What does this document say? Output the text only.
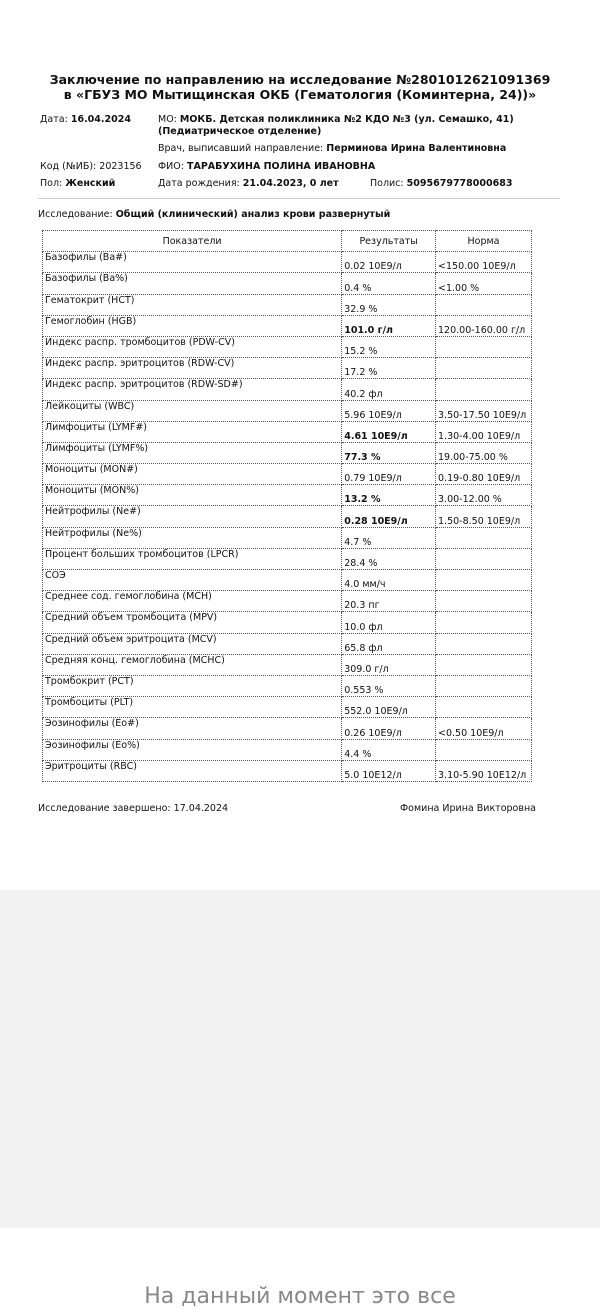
Заключение по направлению на исследование №2801012621091369
в «ГБУЗ МО Мытищинская ОКБ (Гематология (Коминтерна, 24))»
Дата: 16.04.2024	МО: МОКБ. Детская поликлиника №2 КДО №3 (ул. Семашко, 41)
(Педиатрическое отделение)
Врач, выписавший направление: Перминова Ирина Валентиновна
Код (№ИБ): 2023156 ФИО: ТАРАБУХИНА ПОЛИНА ИВАНОВНА
Пол: Женский	Дата рождения: 21.04.2023, 0 лет	Полис: 5095679778000683
Исследование: Общий (клинический) анализ крови развернутый
Показатели	Результаты	Норма
Базофилы (Ba#)	0.02 10E9/л	<150.00 10E9/л
Базофилы (Ba%)	0.4 %	<1.00 %
Гематокрит (HCT)	32.9 %	
Гемоглобин (HGB)	101.0 г/л	120.00-160.00 г/л
Индекс распр. тромбоцитов (PDW-CV)	15.2 %	
Индекс распр. эритроцитов (RDW-CV)	17.2 %	
Индекс распр. эритроцитов (RDW-SD#)	40.2 фл	
Лейкоциты (WBC)	5.96 10E9/л	3.50-17.50 10E9/л
Лимфоциты (LYMF#)	4.61 10E9/л	1.30-4.00 10E9/л
Лимфоциты (LYMF%)	77.3 %	19.00-75.00 %
Моноциты (MON#)	0.79 10E9/л	0.19-0.80 10E9/л
Моноциты (MON%)	13.2 %	3.00-12.00 %
Нейтрофилы (Ne#)	0.28 10E9/л	1.50-8.50 10E9/л
Нейтрофилы (Ne%)	4.7 %	
Процент больших тромбоцитов (LPCR)	28.4 %	
СОЭ	4.0 мм/ч	
Среднее сод. гемоглобина (MCH)	20.3 пг	
Средний объем тромбоцита (MPV)	10.0 фл	
Средний объем эритроцита (MCV)	65.8 фл	
Средняя конц. гемоглобина (MCHC)	309.0 г/л	
Тромбокрит (PCT)	0.553 %	
Тромбоциты (PLT)	552.0 10E9/л	
Эозинофилы (Eo#)	0.26 10E9/л	<0.50 10E9/л
Эозинофилы (Eo%)	4.4 %	
Эритроциты (RBC)	5.0 10E12/л	3.10-5.90 10E12/л
Исследование завершено: 17.04.2024	Фомина Ирина Викторовна
На данный момент это все
